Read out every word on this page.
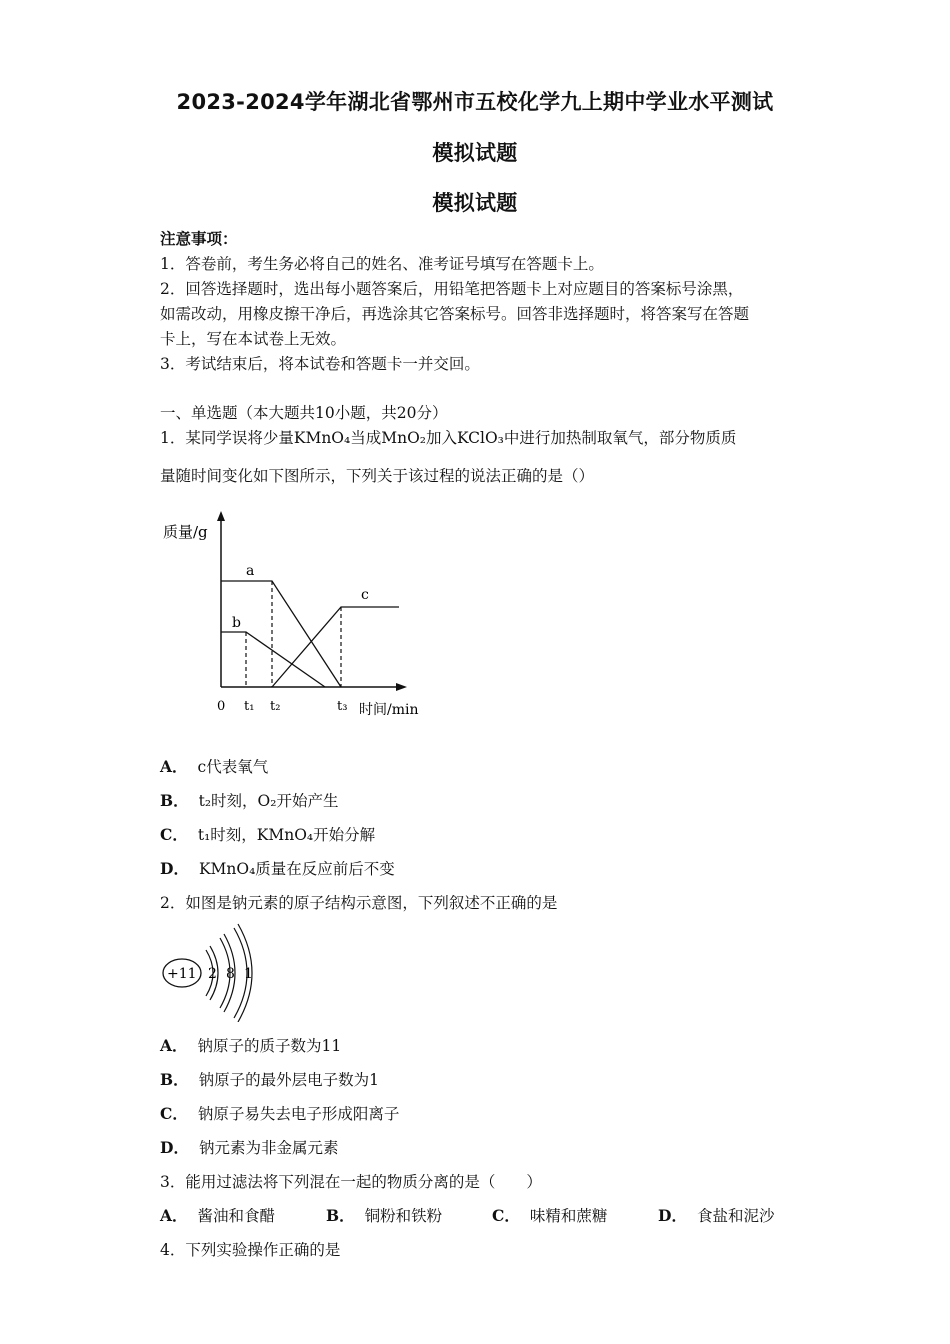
2023-2024学年湖北省鄂州市五校化学九上期中学业水平测试
模拟试题
模拟试题
注意事项：
1．答卷前，考生务必将自己的姓名、准考证号填写在答题卡上。
2．回答选择题时，选出每小题答案后，用铅笔把答题卡上对应题目的答案标号涂黑，
如需改动，用橡皮擦干净后，再选涂其它答案标号。回答非选择题时，将答案写在答题
卡上，写在本试卷上无效。
3．考试结束后，将本试卷和答题卡一并交回。
一、单选题（本大题共10小题，共20分）
1．某同学误将少量KMnO₄当成MnO₂加入KClO₃中进行加热制取氧气，部分物质质
量随时间变化如下图所示，下列关于该过程的说法正确的是（）
质量/g
时间/min
a
b
c
0 t₁ t₂	t₃
A． c代表氧气
B． t₂时刻，O₂开始产生
C． t₁时刻，KMnO₄开始分解
D． KMnO₄质量在反应前后不变
2．如图是钠元素的原子结构示意图，下列叙述不正确的是
+11 2 8 1
A． 钠原子的质子数为11
B． 钠原子的最外层电子数为1
C． 钠原子易失去电子形成阳离子
D． 钠元素为非金属元素
3．能用过滤法将下列混在一起的物质分离的是（　　）
A． 酱油和食醋	B． 铜粉和铁粉	C． 味精和蔗糖	D． 食盐和泥沙
4．下列实验操作正确的是
